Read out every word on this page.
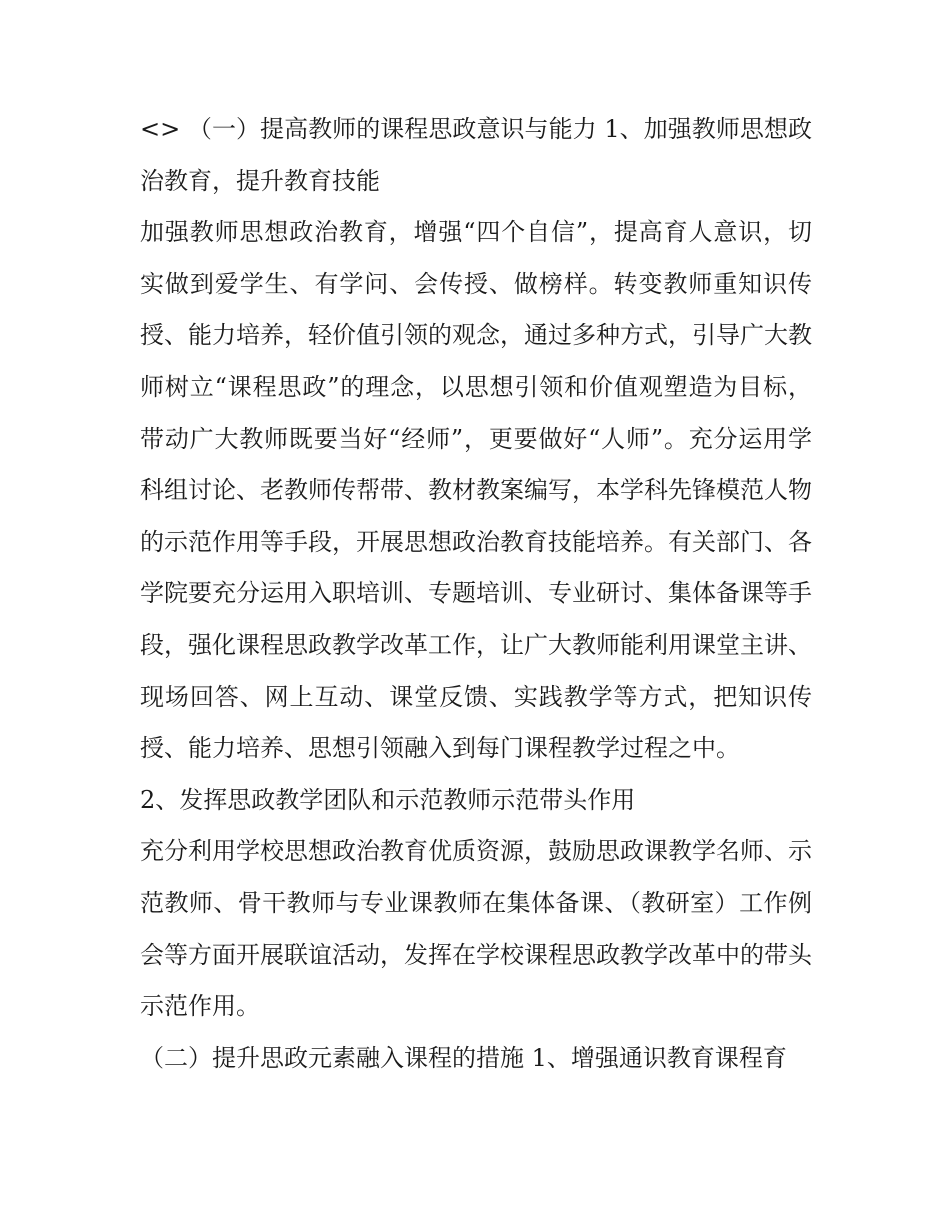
<> （一）提高教师的课程思政意识与能力 1、加强教师思想政治教育，提升教育技能

加强教师思想政治教育，增强“四个自信”，提高育人意识，切实做到爱学生、有学问、会传授、做榜样。转变教师重知识传授、能力培养，轻价值引领的观念，通过多种方式，引导广大教师树立“课程思政”的理念，以思想引领和价值观塑造为目标，带动广大教师既要当好“经师”，更要做好“人师”。充分运用学科组讨论、老教师传帮带、教材教案编写，本学科先锋模范人物的示范作用等手段，开展思想政治教育技能培养。有关部门、各学院要充分运用入职培训、专题培训、专业研讨、集体备课等手段，强化课程思政教学改革工作，让广大教师能利用课堂主讲、现场回答、网上互动、课堂反馈、实践教学等方式，把知识传授、能力培养、思想引领融入到每门课程教学过程之中。

2、发挥思政教学团队和示范教师示范带头作用

充分利用学校思想政治教育优质资源，鼓励思政课教学名师、示范教师、骨干教师与专业课教师在集体备课、（教研室）工作例会等方面开展联谊活动，发挥在学校课程思政教学改革中的带头示范作用。

（二）提升思政元素融入课程的措施 1、增强通识教育课程育
